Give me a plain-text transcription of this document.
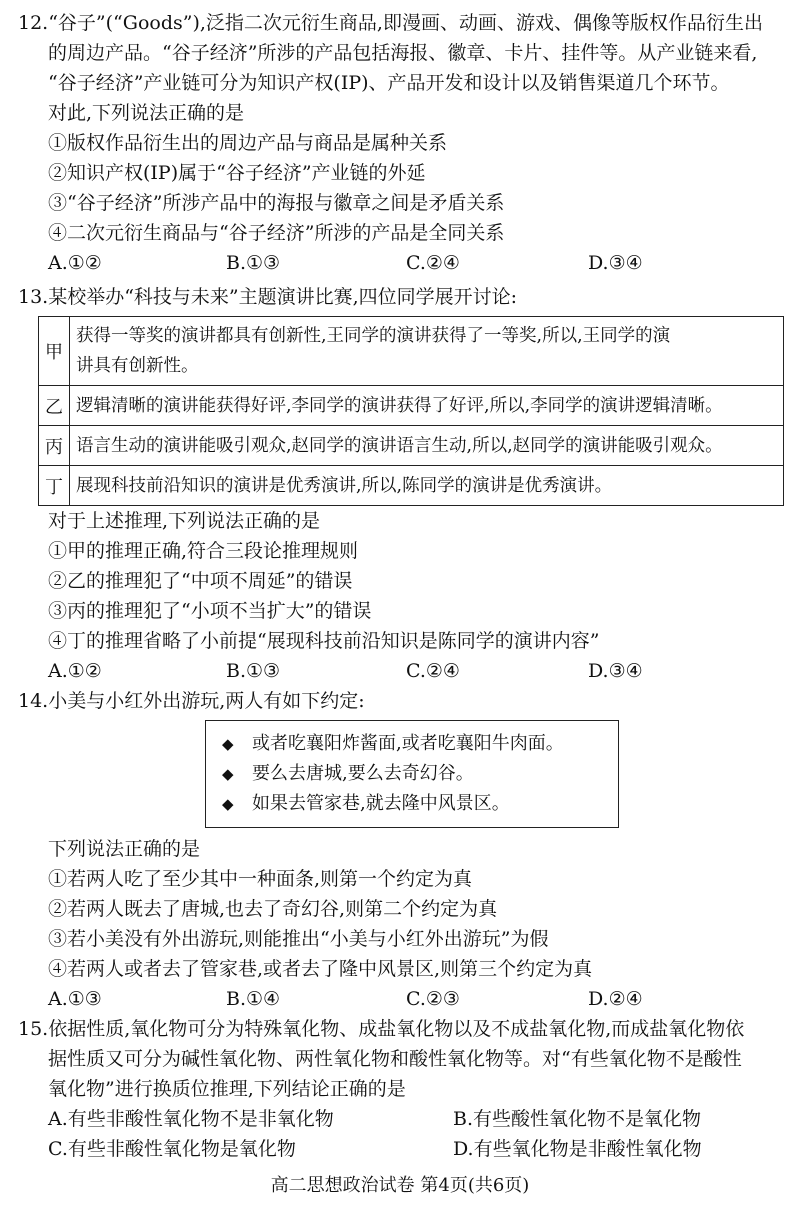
12.“谷子”(“Goods”),泛指二次元衍生商品,即漫画、动画、游戏、偶像等版权作品衍生出
的周边产品。“谷子经济”所涉的产品包括海报、徽章、卡片、挂件等。从产业链来看,
“谷子经济”产业链可分为知识产权(IP)、产品开发和设计以及销售渠道几个环节。
对此,下列说法正确的是
①版权作品衍生出的周边产品与商品是属种关系
②知识产权(IP)属于“谷子经济”产业链的外延
③“谷子经济”所涉产品中的海报与徽章之间是矛盾关系
④二次元衍生商品与“谷子经济”所涉的产品是全同关系
A.①②	B.①③	C.②④	D.③④
13.某校举办“科技与未来”主题演讲比赛,四位同学展开讨论:
甲	获得一等奖的演讲都具有创新性,王同学的演讲获得了一等奖,所以,王同学的演
讲具有创新性。

乙	逻辑清晰的演讲能获得好评,李同学的演讲获得了好评,所以,李同学的演讲逻辑清晰。
丙	语言生动的演讲能吸引观众,赵同学的演讲语言生动,所以,赵同学的演讲能吸引观众。
丁	展现科技前沿知识的演讲是优秀演讲,所以,陈同学的演讲是优秀演讲。
对于上述推理,下列说法正确的是
①甲的推理正确,符合三段论推理规则
②乙的推理犯了“中项不周延”的错误
③丙的推理犯了“小项不当扩大”的错误
④丁的推理省略了小前提“展现科技前沿知识是陈同学的演讲内容”
A.①②	B.①③	C.②④	D.③④
14.小美与小红外出游玩,两人有如下约定:
◆ 或者吃襄阳炸酱面,或者吃襄阳牛肉面。
◆ 要么去唐城,要么去奇幻谷。
◆ 如果去管家巷,就去隆中风景区。
下列说法正确的是
①若两人吃了至少其中一种面条,则第一个约定为真
②若两人既去了唐城,也去了奇幻谷,则第二个约定为真
③若小美没有外出游玩,则能推出“小美与小红外出游玩”为假
④若两人或者去了管家巷,或者去了隆中风景区,则第三个约定为真
A.①③	B.①④	C.②③	D.②④
15.依据性质,氧化物可分为特殊氧化物、成盐氧化物以及不成盐氧化物,而成盐氧化物依
据性质又可分为碱性氧化物、两性氧化物和酸性氧化物等。对“有些氧化物不是酸性
氧化物”进行换质位推理,下列结论正确的是
A.有些非酸性氧化物不是非氧化物	B.有些酸性氧化物不是氧化物
C.有些非酸性氧化物是氧化物	D.有些氧化物是非酸性氧化物
高二思想政治试卷 第4页(共6页)
